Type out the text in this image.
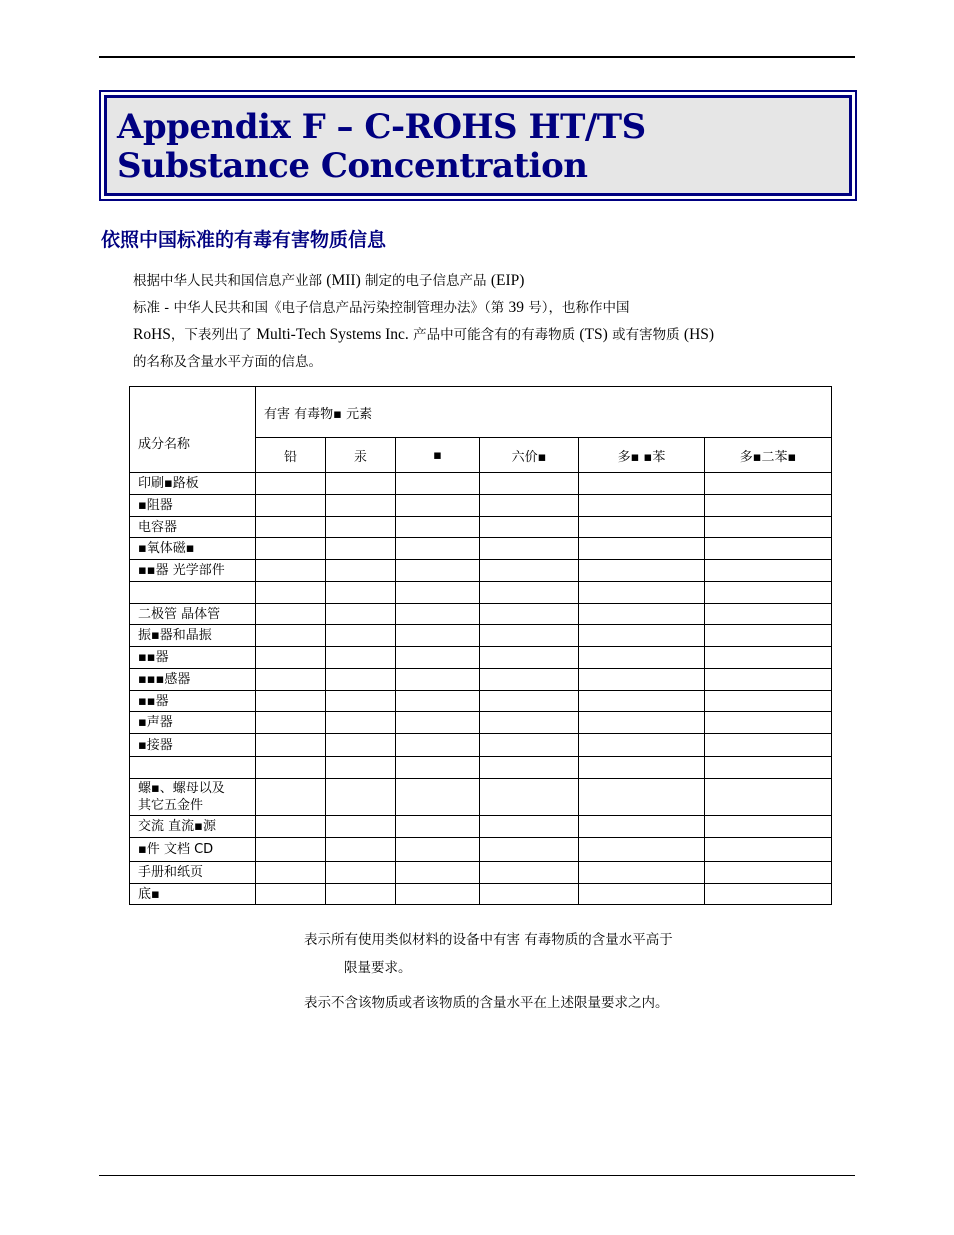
Appendix F – C-ROHS HT/TS
Substance Concentration
依照中国标准的有毒有害物质信息

根据中华人民共和国信息产业部 (MII) 制定的电子信息产品 (EIP)

标准 - 中华人民共和国《电子信息产品污染控制管理办法》（第 39 号），也称作中国

RoHS，下表列出了 Multi-Tech Systems Inc. 产品中可能含有的有毒物质 (TS) 或有害物质 (HS)

的名称及含量水平方面的信息。

成分名称	有害 有毒物▪ 元素					
	铅	汞	▪	六价▪	多▪ ▪苯	多▪二苯▪
印刷▪路板						
▪阻器						
电容器						
▪氧体磁▪						
▪▪器 光学部件						

二极管 晶体管						
振▪器和晶振						
▪▪器						
▪▪▪感器						
▪▪器						
▪声器						
▪接器						

螺▪、螺母以及
其它五金件						
交流 直流▪源						
▪件 文档 CD						
手册和纸页						
底▪						

表示所有使用类似材料的设备中有害 有毒物质的含量水平高于

限量要求。

表示不含该物质或者该物质的含量水平在上述限量要求之内。
